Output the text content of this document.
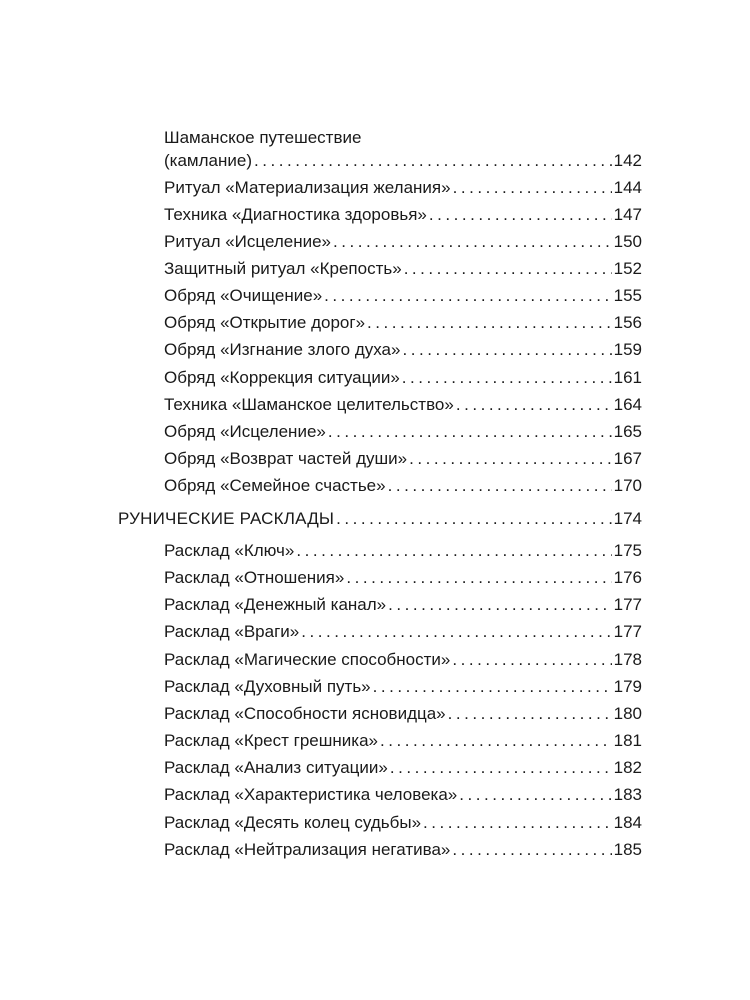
Шаманское путешествие
(камлание) . . .	142
Ритуал «Материализация желания» . . .	144
Техника «Диагностика здоровья» . . .	147
Ритуал «Исцеление» . . .	150
Защитный ритуал «Крепость» . . .	152
Обряд «Очищение» . . .	155
Обряд «Открытие дорог» . . .	156
Обряд «Изгнание злого духа» . . .	159
Обряд «Коррекция ситуации» . . .	161
Техника «Шаманское целительство» . . .	164
Обряд «Исцеление» . . .	165
Обряд «Возврат частей души» . . .	167
Обряд «Семейное счастье» . . .	170
РУНИЧЕСКИЕ РАСКЛАДЫ . . .	174
Расклад «Ключ» . . .	175
Расклад «Отношения» . . .	176
Расклад «Денежный канал» . . .	177
Расклад «Враги» . . .	177
Расклад «Магические способности» . . .	178
Расклад «Духовный путь» . . .	179
Расклад «Способности ясновидца» . . .	180
Расклад «Крест грешника» . . .	181
Расклад «Анализ ситуации» . . .	182
Расклад «Характеристика человека» . . .	183
Расклад «Десять колец судьбы» . . .	184
Расклад «Нейтрализация негатива» . . .	185
